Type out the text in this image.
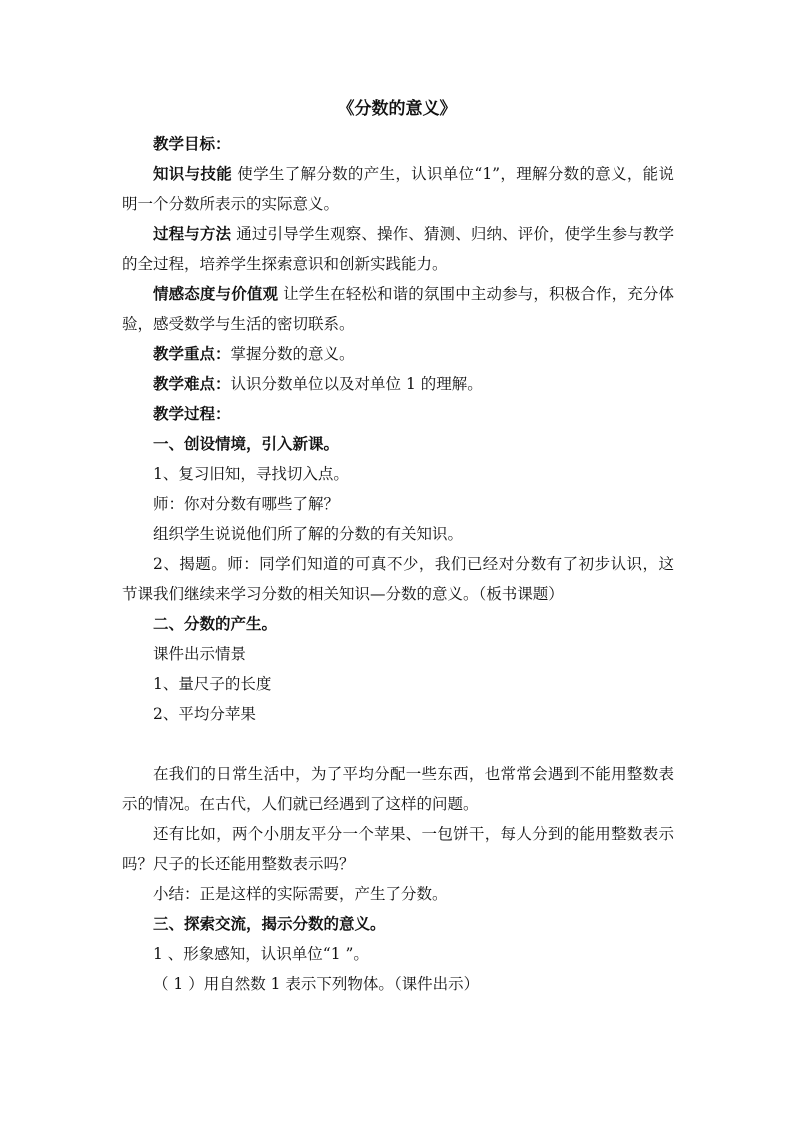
《分数的意义》

教学目标：

知识与技能 使学生了解分数的产生，认识单位“1”，理解分数的意义，能说明一个分数所表示的实际意义。

过程与方法 通过引导学生观察、操作、猜测、归纳、评价，使学生参与教学的全过程，培养学生探索意识和创新实践能力。

情感态度与价值观 让学生在轻松和谐的氛围中主动参与，积极合作，充分体验，感受数学与生活的密切联系。

教学重点：掌握分数的意义。

教学难点：认识分数单位以及对单位 1 的理解。

教学过程：

一、创设情境，引入新课。

1、复习旧知，寻找切入点。

师：你对分数有哪些了解？

组织学生说说他们所了解的分数的有关知识。

2、揭题。师：同学们知道的可真不少，我们已经对分数有了初步认识，这节课我们继续来学习分数的相关知识—分数的意义。（板书课题）

二、分数的产生。

课件出示情景

1、量尺子的长度

2、平均分苹果

在我们的日常生活中，为了平均分配一些东西，也常常会遇到不能用整数表示的情况。在古代，人们就已经遇到了这样的问题。

还有比如，两个小朋友平分一个苹果、一包饼干，每人分到的能用整数表示吗？尺子的长还能用整数表示吗？

小结：正是这样的实际需要，产生了分数。

三、探索交流，揭示分数的意义。

1 、形象感知，认识单位“1 ”。

（ 1 ）用自然数 1 表示下列物体。（课件出示）
